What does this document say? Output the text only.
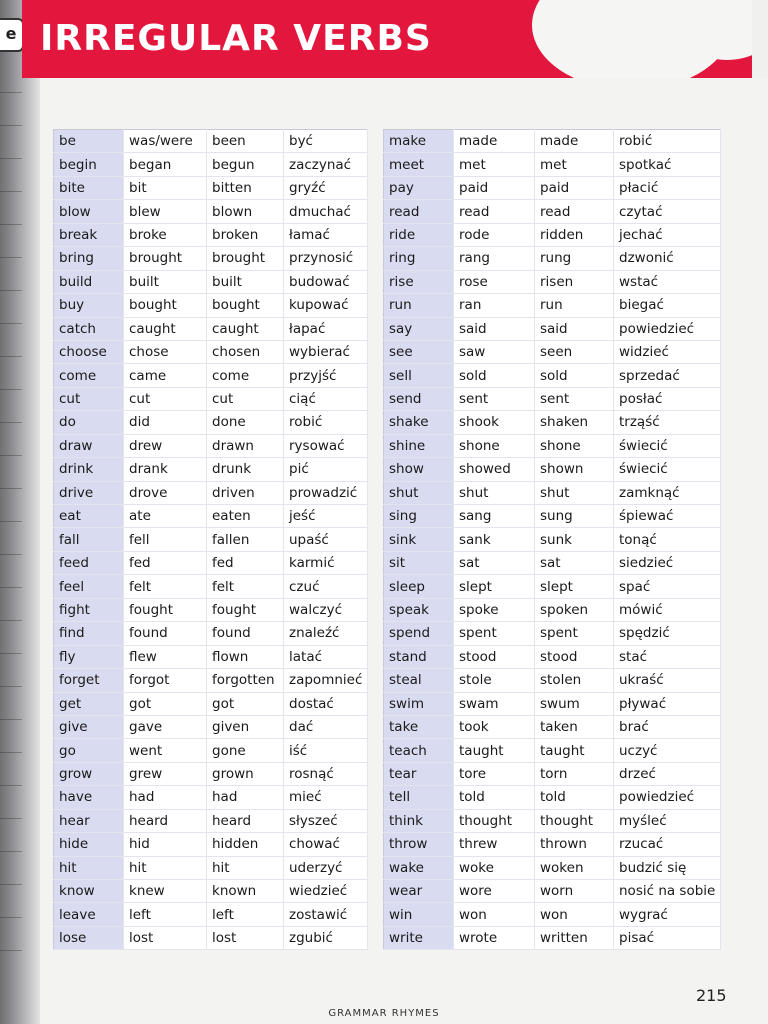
e IRREGULAR VERBS
be	was/were	been	być
begin	began	begun	zaczynać
bite	bit	bitten	gryźć
blow	blew	blown	dmuchać
break	broke	broken	łamać
bring	brought	brought	przynosić
build	built	built	budować
buy	bought	bought	kupować
catch	caught	caught	łapać
choose	chose	chosen	wybierać
come	came	come	przyjść
cut	cut	cut	ciąć
do	did	done	robić
draw	drew	drawn	rysować
drink	drank	drunk	pić
drive	drove	driven	prowadzić
eat	ate	eaten	jeść
fall	fell	fallen	upaść
feed	fed	fed	karmić
feel	felt	felt	czuć
fight	fought	fought	walczyć
find	found	found	znaleźć
fly	flew	flown	latać
forget	forgot	forgotten	zapomnieć
get	got	got	dostać
give	gave	given	dać
go	went	gone	iść
grow	grew	grown	rosnąć
have	had	had	mieć
hear	heard	heard	słyszeć
hide	hid	hidden	chować
hit	hit	hit	uderzyć
know	knew	known	wiedzieć
leave	left	left	zostawić
lose	lost	lost	zgubić
make	made	made	robić
meet	met	met	spotkać
pay	paid	paid	płacić
read	read	read	czytać
ride	rode	ridden	jechać
ring	rang	rung	dzwonić
rise	rose	risen	wstać
run	ran	run	biegać
say	said	said	powiedzieć
see	saw	seen	widzieć
sell	sold	sold	sprzedać
send	sent	sent	posłać
shake	shook	shaken	trząść
shine	shone	shone	świecić
show	showed	shown	świecić
shut	shut	shut	zamknąć
sing	sang	sung	śpiewać
sink	sank	sunk	tonąć
sit	sat	sat	siedzieć
sleep	slept	slept	spać
speak	spoke	spoken	mówić
spend	spent	spent	spędzić
stand	stood	stood	stać
steal	stole	stolen	ukraść
swim	swam	swum	pływać
take	took	taken	brać
teach	taught	taught	uczyć
tear	tore	torn	drzeć
tell	told	told	powiedzieć
think	thought	thought	myśleć
throw	threw	thrown	rzucać
wake	woke	woken	budzić się
wear	wore	worn	nosić na sobie
win	won	won	wygrać
write	wrote	written	pisać
GRAMMAR RHYMES
215
